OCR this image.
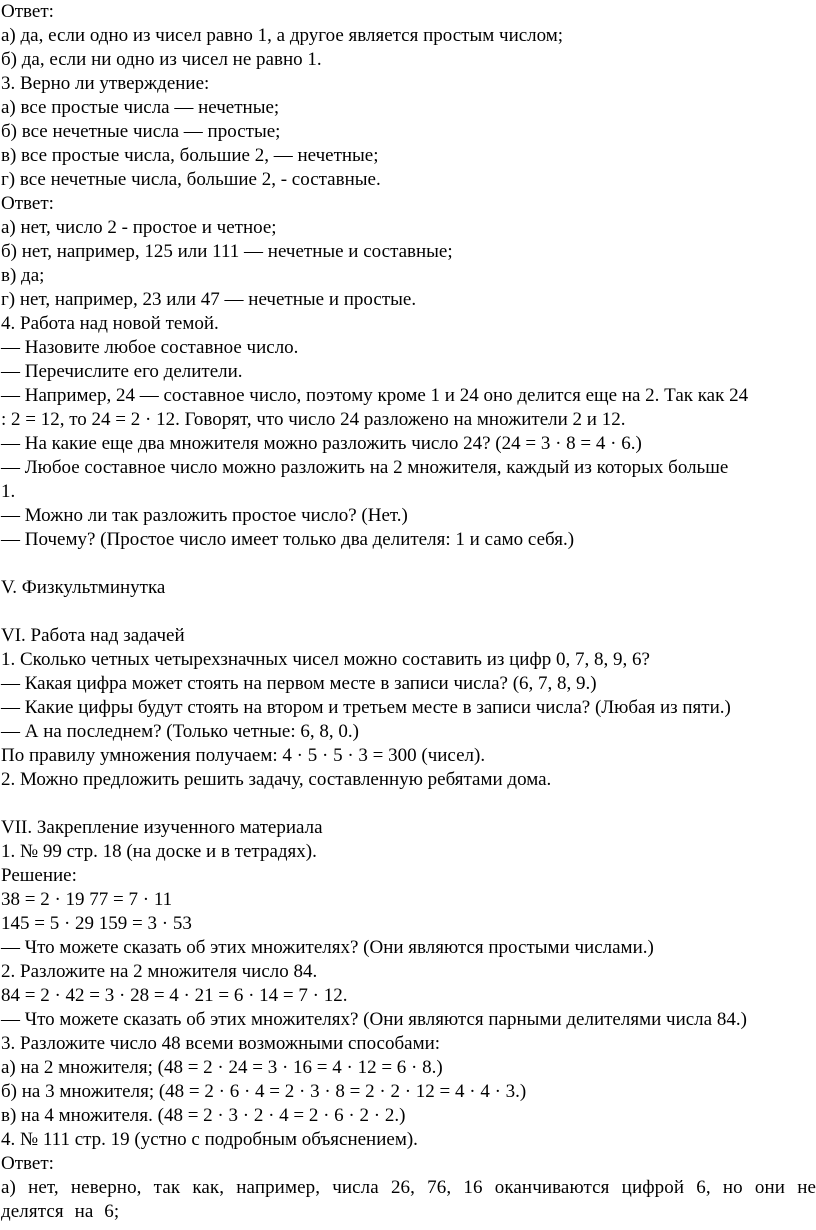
Ответ:
а) да, если одно из чисел равно 1, а другое является простым числом;
б) да, если ни одно из чисел не равно 1.
3. Верно ли утверждение:
а) все простые числа — нечетные;
б) все нечетные числа — простые;
в) все простые числа, большие 2, — нечетные;
г) все нечетные числа, большие 2, - составные.
Ответ:
а) нет, число 2 - простое и четное;
б) нет, например, 125 или 111 — нечетные и составные;
в) да;
г) нет, например, 23 или 47 — нечетные и простые.
4. Работа над новой темой.
— Назовите любое составное число.
— Перечислите его делители.
— Например, 24 — составное число, поэтому кроме 1 и 24 оно делится еще на 2. Так как 24
: 2 = 12, то 24 = 2 · 12. Говорят, что число 24 разложено на множители 2 и 12.
— На какие еще два множителя можно разложить число 24? (24 = 3 · 8 = 4 · 6.)
— Любое составное число можно разложить на 2 множителя, каждый из которых больше
1.
— Можно ли так разложить простое число? (Нет.)
— Почему? (Простое число имеет только два делителя: 1 и само себя.)
V. Физкультминутка
VI. Работа над задачей
1. Сколько четных четырехзначных чисел можно составить из цифр 0, 7, 8, 9, 6?
— Какая цифра может стоять на первом месте в записи числа? (6, 7, 8, 9.)
— Какие цифры будут стоять на втором и третьем месте в записи числа? (Любая из пяти.)
— А на последнем? (Только четные: 6, 8, 0.)
По правилу умножения получаем: 4 · 5 · 5 · 3 = 300 (чисел).
2. Можно предложить решить задачу, составленную ребятами дома.
VII. Закрепление изученного материала
1. № 99 стр. 18 (на доске и в тетрадях).
Решение:
38 = 2 · 19 77 = 7 · 11
145 = 5 · 29 159 = 3 · 53
— Что можете сказать об этих множителях? (Они являются простыми числами.)
2. Разложите на 2 множителя число 84.
84 = 2 · 42 = 3 · 28 = 4 · 21 = 6 · 14 = 7 · 12.
— Что можете сказать об этих множителях? (Они являются парными делителями числа 84.)
3. Разложите число 48 всеми возможными способами:
а) на 2 множителя; (48 = 2 · 24 = 3 · 16 = 4 · 12 = 6 · 8.)
б) на 3 множителя; (48 = 2 · 6 · 4 = 2 · 3 · 8 = 2 · 2 · 12 = 4 · 4 · 3.)
в) на 4 множителя. (48 = 2 · 3 · 2 · 4 = 2 · 6 · 2 · 2.)
4. № 111 стр. 19 (устно с подробным объяснением).
Ответ:
а) нет, неверно, так как, например, числа 26, 76, 16 оканчиваются цифрой 6, но они не делятся на 6;
